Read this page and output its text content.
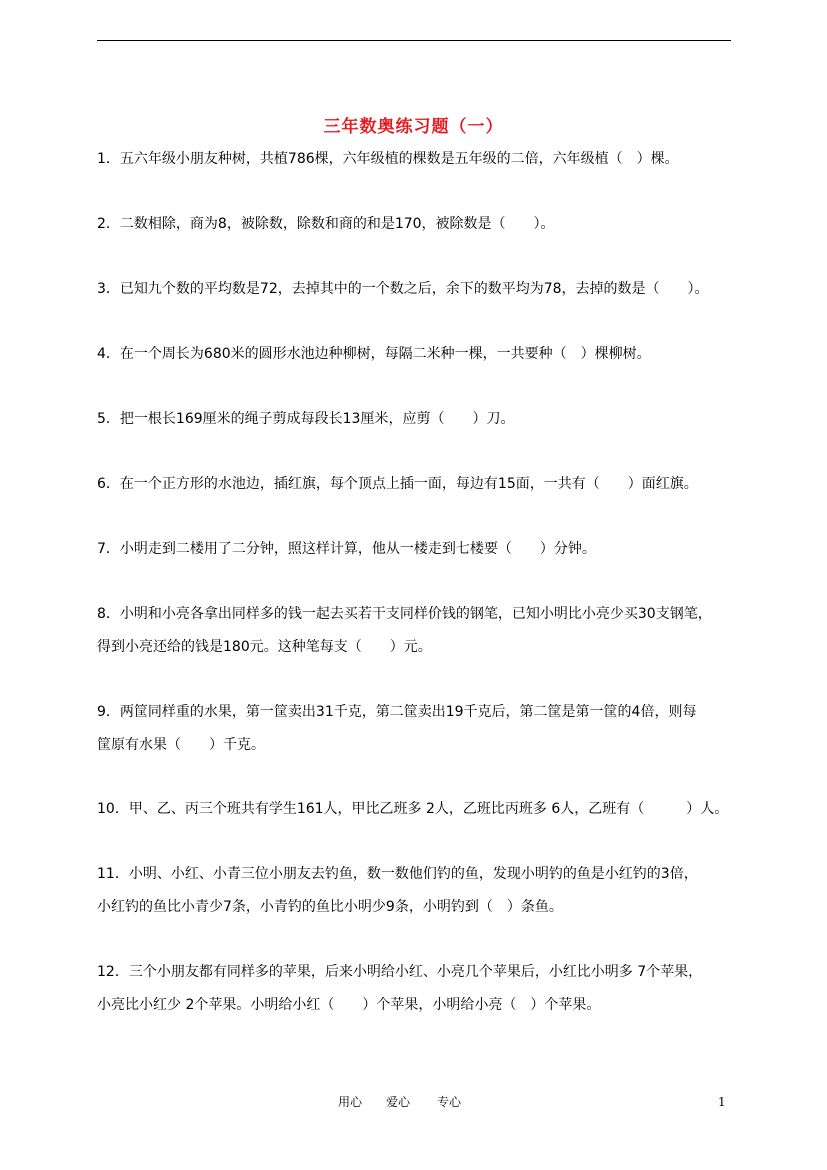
三年数奥练习题（一）
1．五六年级小朋友种树，共植786棵，六年级植的棵数是五年级的二倍，六年级植（　）棵。
2．二数相除，商为8，被除数，除数和商的和是170，被除数是（　　）。
3．已知九个数的平均数是72，去掉其中的一个数之后，余下的数平均为78，去掉的数是（　　）。
4．在一个周长为680米的圆形水池边种柳树，每隔二米种一棵，一共要种（　）棵柳树。
5．把一根长169厘米的绳子剪成每段长13厘米，应剪（　　）刀。
6．在一个正方形的水池边，插红旗，每个顶点上插一面，每边有15面，一共有（　　）面红旗。
7．小明走到二楼用了二分钟，照这样计算，他从一楼走到七楼要（　　）分钟。
8．小明和小亮各拿出同样多的钱一起去买若干支同样价钱的钢笔，已知小明比小亮少买30支钢笔，
得到小亮还给的钱是180元。这种笔每支（　　）元。
9．两筐同样重的水果，第一筐卖出31千克，第二筐卖出19千克后，第二筐是第一筐的4倍，则每
筐原有水果（　　）千克。
10．甲、乙、丙三个班共有学生161人，甲比乙班多 2人，乙班比丙班多 6人，乙班有（　　　）人。
11．小明、小红、小青三位小朋友去钓鱼，数一数他们钓的鱼，发现小明钓的鱼是小红钓的3倍，
小红钓的鱼比小青少7条，小青钓的鱼比小明少9条，小明钓到（　）条鱼。
12．三个小朋友都有同样多的苹果，后来小明给小红、小亮几个苹果后，小红比小明多 7个苹果，
小亮比小红少 2个苹果。小明给小红（　　）个苹果，小明给小亮（　）个苹果。
用心 爱心 专心	1
